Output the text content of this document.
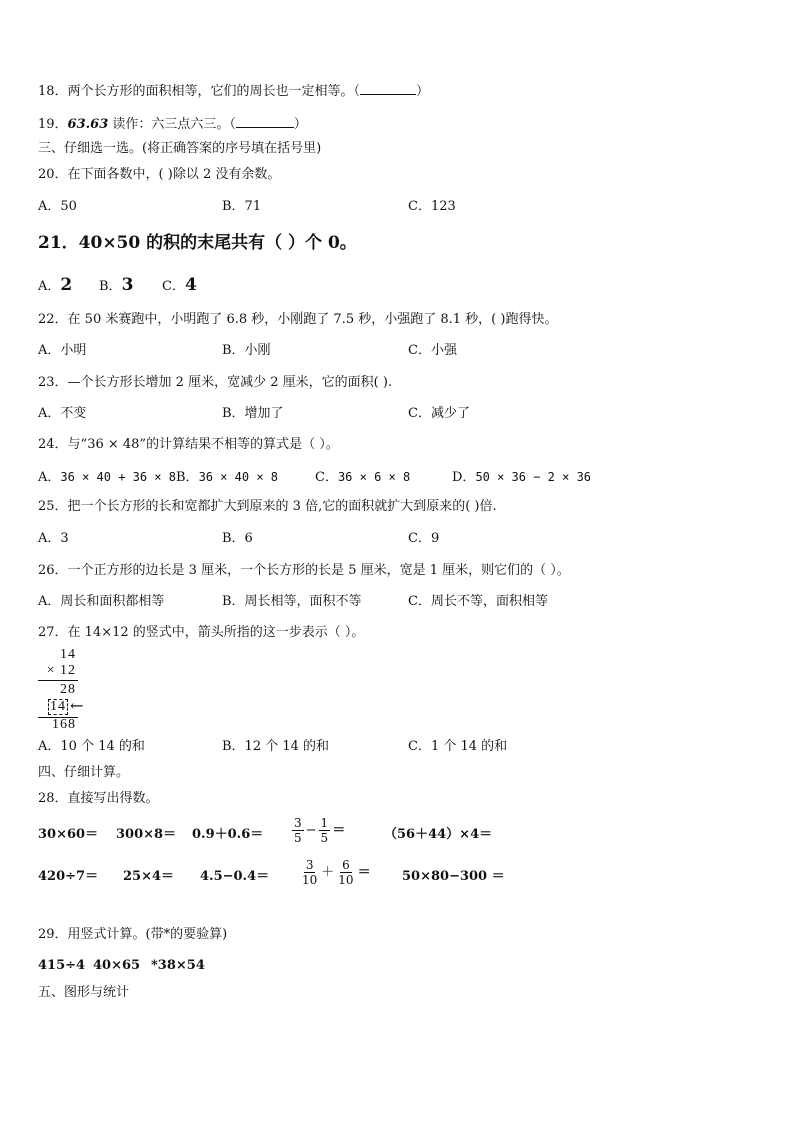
18．两个长方形的面积相等，它们的周长也一定相等。（	）
19．63.63 读作：六三点六三。（	）
三、仔细选一选。(将正确答案的序号填在括号里)
20．在下面各数中，( )除以 2 没有余数。
A．50	B．71	C．123
21．40×50 的积的末尾共有（ ）个 0。
A．2 B．3 C．4
22．在 50 米赛跑中，小明跑了 6.8 秒，小刚跑了 7.5 秒，小强跑了 8.1 秒，( )跑得快。
A．小明	B．小刚	C．小强
23．—个长方形长增加 2 厘米，宽减少 2 厘米，它的面积( ).
A．不变	B．增加了	C．减少了
24．与“36 × 48”的计算结果不相等的算式是（ ）。
A．36 × 40 + 36 × 8 B．36 × 40 × 8	C．36 × 6 × 8	D．50 × 36 − 2 × 36
25．把一个长方形的长和宽都扩大到原来的 3 倍,它的面积就扩大到原来的( )倍.
A．3	B．6	C．9
26．一个正方形的边长是 3 厘米，一个长方形的长是 5 厘米，宽是 1 厘米，则它们的（ ）。
A．周长和面积都相等	B．周长相等，面积不等	C．周长不等，面积相等
27．在 14×12 的竖式中，箭头所指的这一步表示（ ）。
14
× 12
28
14 ←
168
A．10 个 14 的和	B．12 个 14 的和	C．1 个 14 的和
四、仔细计算。
28．直接写出得数。
$30\times 60= 300\times 8= 0.9+0.6= \frac{3}{5} - \frac{1}{5}$ ＝	（56＋44）×4＝
420÷7＝ 25×4＝ 4.5−0.4＝	$\frac{3}{10} + \frac{6}{10} = 50\times 80-300$ ＝
29．用竖式计算。(带*的要验算)
415÷4 40×65 *38×54
五、图形与统计
